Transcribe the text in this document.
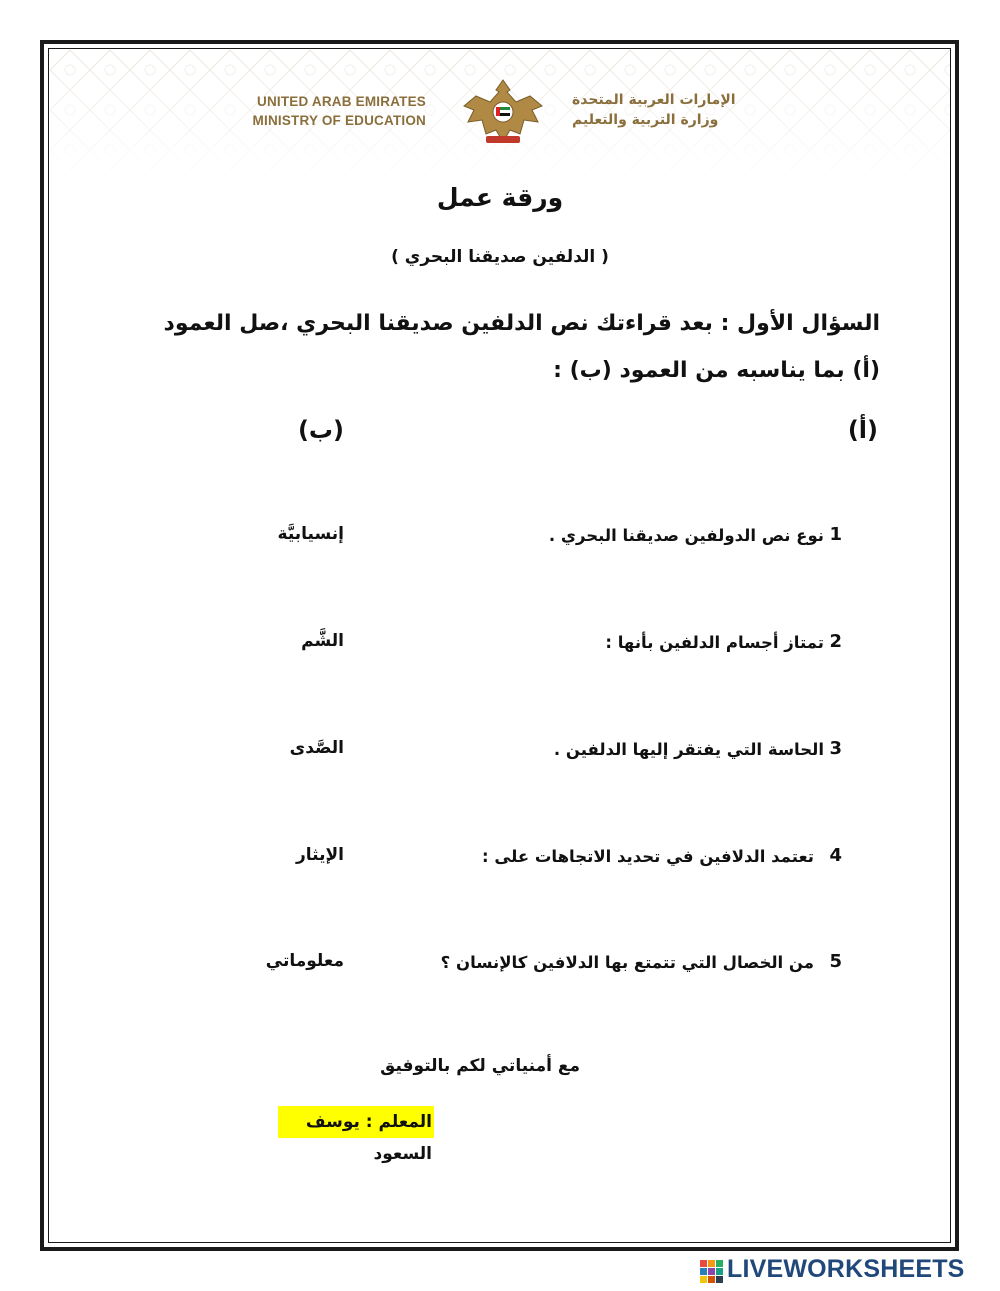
UNITED ARAB EMIRATES
MINISTRY OF EDUCATION
الإمارات العربية المتحدة
وزارة التربية والتعليم
ورقة عمل
( الدلفين صديقنا البحري )
السؤال الأول : بعد قراءتك نص الدلفين صديقنا البحري ،صل العمود (أ) بما يناسبه من العمود (ب) :
(أ)
(ب)
1
نوع نص الدولفين صديقنا البحري .
إنسيابيَّة
2
تمتاز أجسام الدلفين بأنها :
الشَّم
3
الحاسة التي يفتقر إليها الدلفين .
الصَّدى
4
تعتمد الدلافين في تحديد الاتجاهات على :
الإيثار
5
من الخصال التي تتمتع بها الدلافين كالإنسان ؟
معلوماتي
مع أمنياتي لكم بالتوفيق
المعلم : يوسف السعود
LIVEWORKSHEETS
